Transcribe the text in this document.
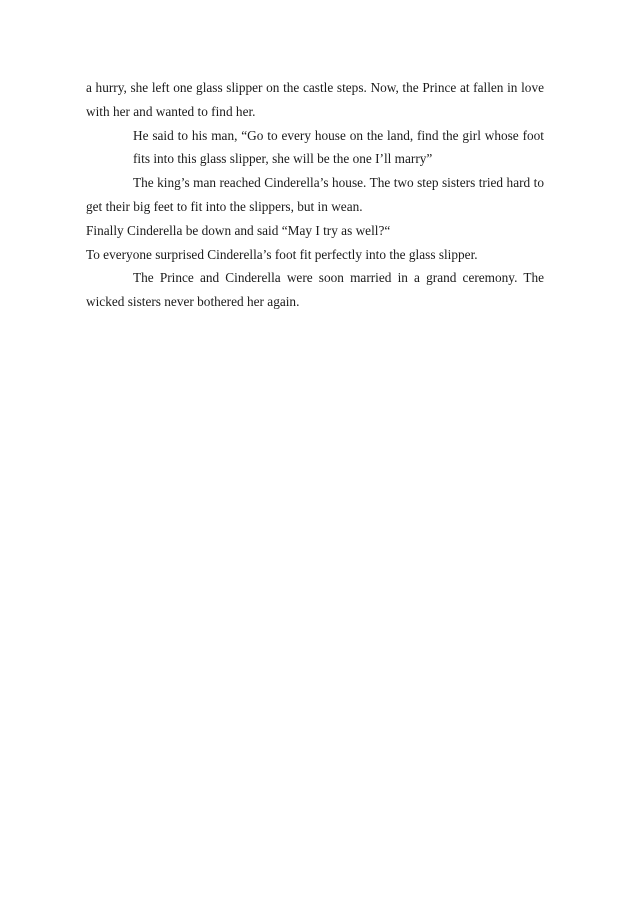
a hurry, she left one glass slipper on the castle steps. Now, the Prince at fallen in love
with her and wanted to find her.
He said to his man, “Go to every house on the land, find the girl whose foot
fits into this glass slipper, she will be the one I’ll marry”
The king’s man reached Cinderella’s house. The two step sisters tried hard to
get their big feet to fit into the slippers, but in wean.
Finally Cinderella be down and said “May I try as well?“
To everyone surprised Cinderella’s foot fit perfectly into the glass slipper.
The Prince and Cinderella were soon married in a grand ceremony. The
wicked sisters never bothered her again.
